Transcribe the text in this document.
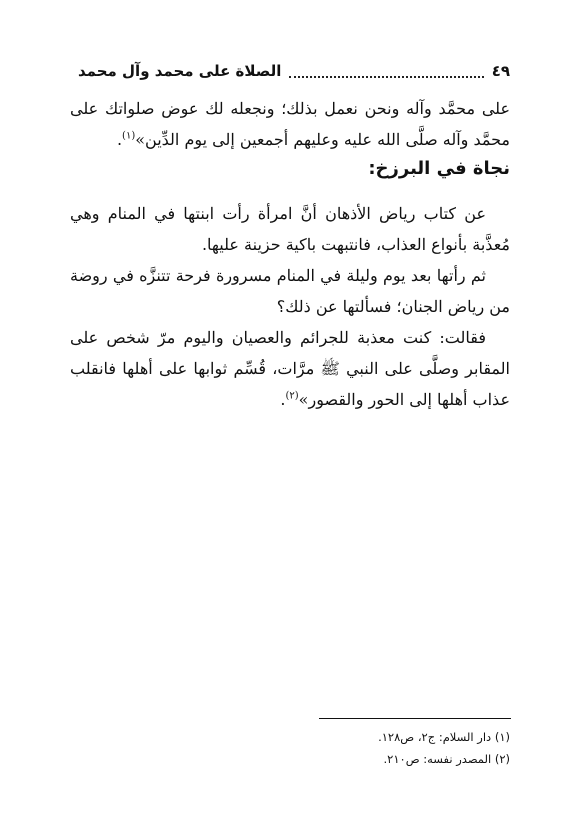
الصلاة على محمد وآل محمد	٤٩

على محمَّد وآله ونحن نعمل بذلك؛ ونجعله لك عوض صلواتك على محمَّد وآله صلَّى الله عليه وعليهم أجمعين إلى يوم الدِّين»$^{(١)}$.

نجاة في البرزخ:

عن كتاب رياض الأذهان أنَّ امرأة رأت ابنتها في المنام وهي مُعذَّبة بأنواع العذاب، فانتبهت باكية حزينة عليها.

ثم رأتها بعد يوم وليلة في المنام مسرورة فرحة تتنزَّه في روضة من رياض الجنان؛ فسألتها عن ذلك؟

فقالت: كنت معذبة للجرائم والعصيان واليوم مرّ شخص على المقابر وصلَّى على النبي ﷺ مرَّات، قُسِّم ثوابها على أهلها فانقلب عذاب أهلها إلى الحور والقصور»$^{(٢)}$.

(١) دار السلام: ج٢، ص١٢٨.
(٢) المصدر نفسه: ص٢١٠.
